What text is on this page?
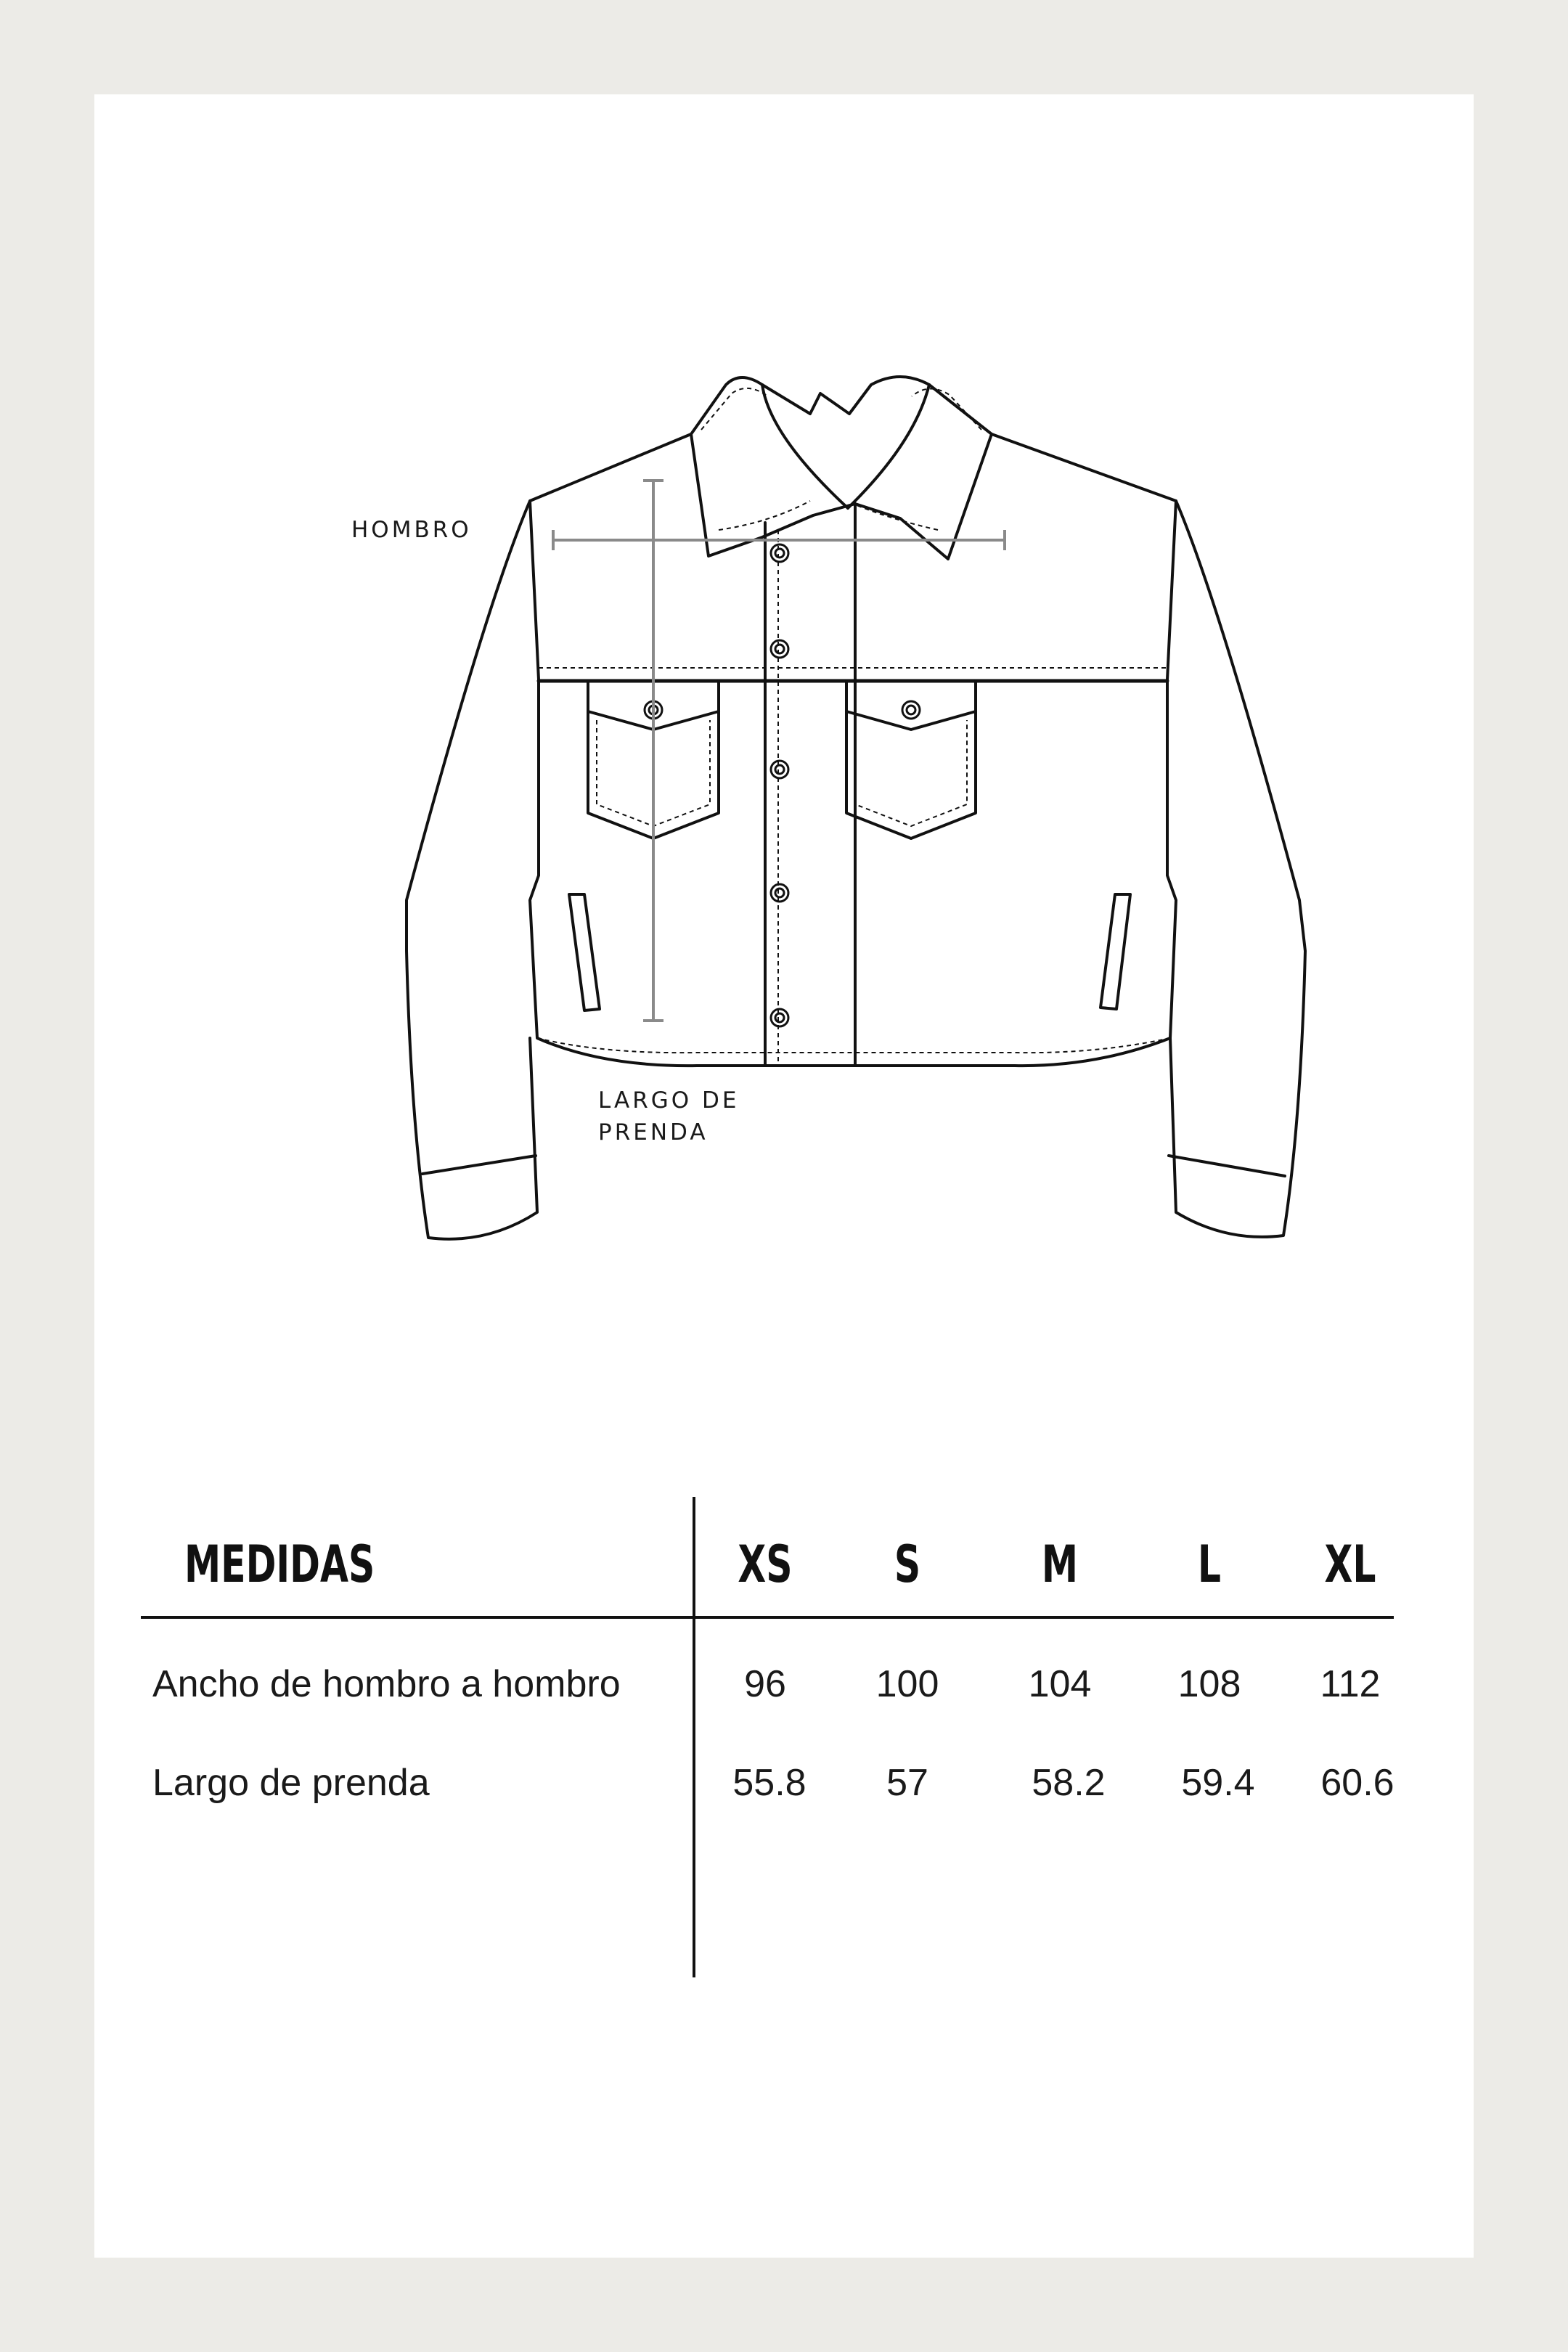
HOMBRO
LARGO DE PRENDA
MEDIDAS	XS	S	M	L	XL
Ancho de hombro a hombro	96	100	104	108	112
Largo de prenda	55.8	57	58.2	59.4	60.6
